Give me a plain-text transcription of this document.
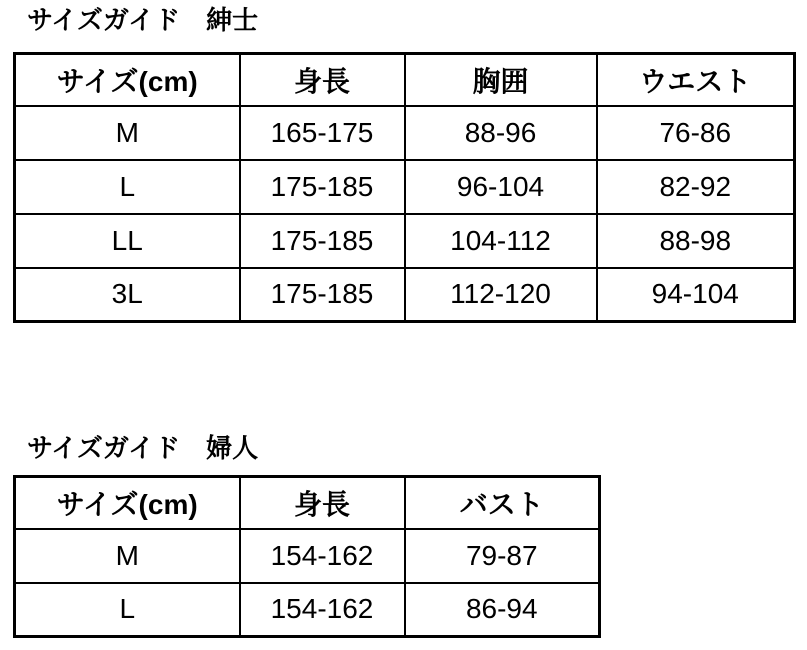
サイズガイド　紳士
サイズ(cm)	身長	胸囲	ウエスト
M	165-175	88-96	76-86
L	175-185	96-104	82-92
LL	175-185	104-112	88-98
3L	175-185	112-120	94-104
サイズガイド　婦人
サイズ(cm)	身長	バスト
M	154-162	79-87
L	154-162	86-94
